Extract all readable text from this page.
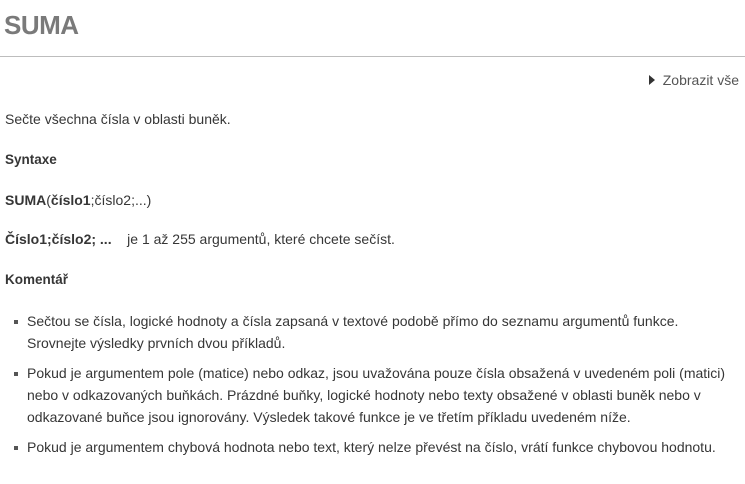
SUMA
Zobrazit vše

Sečte všechna čísla v oblasti buněk.

Syntaxe

SUMA(číslo1;číslo2;...)

Číslo1;číslo2; ... je 1 až 255 argumentů, které chcete sečíst.

Komentář

Sečtou se čísla, logické hodnoty a čísla zapsaná v textové podobě přímo do seznamu argumentů funkce. Srovnejte výsledky prvních dvou příkladů.
Pokud je argumentem pole (matice) nebo odkaz, jsou uvažována pouze čísla obsažená v uvedeném poli (matici) nebo v odkazovaných buňkách. Prázdné buňky, logické hodnoty nebo texty obsažené v oblasti buněk nebo v odkazované buňce jsou ignorovány. Výsledek takové funkce je ve třetím příkladu uvedeném níže.
Pokud je argumentem chybová hodnota nebo text, který nelze převést na číslo, vrátí funkce chybovou hodnotu.
